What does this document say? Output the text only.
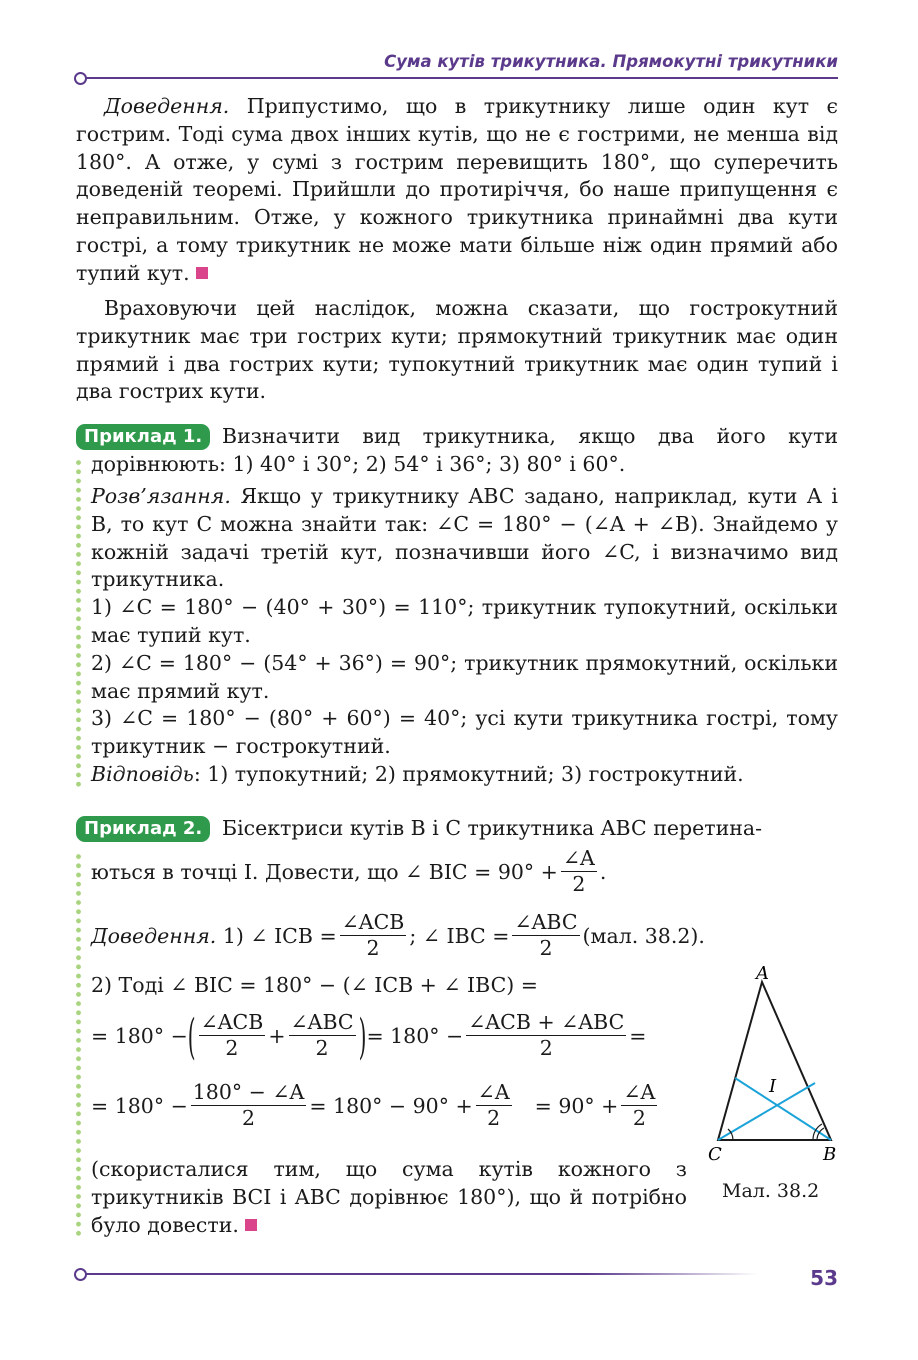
Сума кутів трикутника. Прямокутні трикутники
Доведення. Припустимо, що в трикутнику лише один кут є гострим. Тоді сума двох інших кутів, що не є гострими, не менша від 180°. А отже, у сумі з гострим перевищить 180°, що суперечить доведеній теоремі. Прийшли до протиріччя, бо наше припущення є неправильним. Отже, у кожного трикутника принаймні два кути гострі, а тому трикутник не може мати більше ніж один прямий або тупий кут.
Враховуючи цей наслідок, можна сказати, що гострокутний трикутник має три гострих кути; прямокутний трикутник має один прямий і два гострих кути; тупокутний трикутник має один тупий і два гострих кути.
Приклад 1. Визначити вид трикутника, якщо два його кути дорівнюють: 1) 40° і 30°; 2) 54° і 36°; 3) 80° і 60°.
Розв’язання. Якщо у трикутнику ABC задано, наприклад, кути A і B, то кут C можна знайти так: ∠C = 180° − (∠A + ∠B). Знайдемо у кожній задачі третій кут, позначивши його ∠C, і визначимо вид трикутника.
1) ∠C = 180° − (40° + 30°) = 110°; трикутник тупокутний, оскільки має тупий кут.
2) ∠C = 180° − (54° + 36°) = 90°; трикутник прямокутний, оскільки має прямий кут.
3) ∠C = 180° − (80° + 60°) = 40°; усі кути трикутника гострі, тому трикутник − гострокутний.
Відповідь: 1) тупокутний; 2) прямокутний; 3) гострокутний.
Приклад 2. Бісектриси кутів B і C трикутника ABC перетина-
ються в точці I. Довести, що ∠ BIC = $90^\circ + \frac{\angle A}{2}$ .
Доведення.
1) ∠ ICB = $\frac{\text{∠ACB}}{2}$ ; ∠ IBC = $\frac{\text{∠ABC}}{2} (мал$. 38.2).
2) Тоді ∠ BIC = 180° − (∠ ICB + ∠ IBC) =
= 180° − ( $\frac{\text{∠ACB}}{2} + \frac{\text{∠ABC}}{2}$ ) = $180^\circ - \frac{\text{∠ACB + ∠ABC}}{2}$ =
= $180^\circ - \frac{180^\circ - \angle A}{2} = 180^\circ - 90^\circ + \frac{\angle A}{2} = 90^\circ + \frac{\angle A}{2}$
(скористалися тим, що сума кутів кожного з трикутників BCI і ABC дорівнює 180°), що й потрібно було довести.
A
I
C	B
Мал. 38.2
53
